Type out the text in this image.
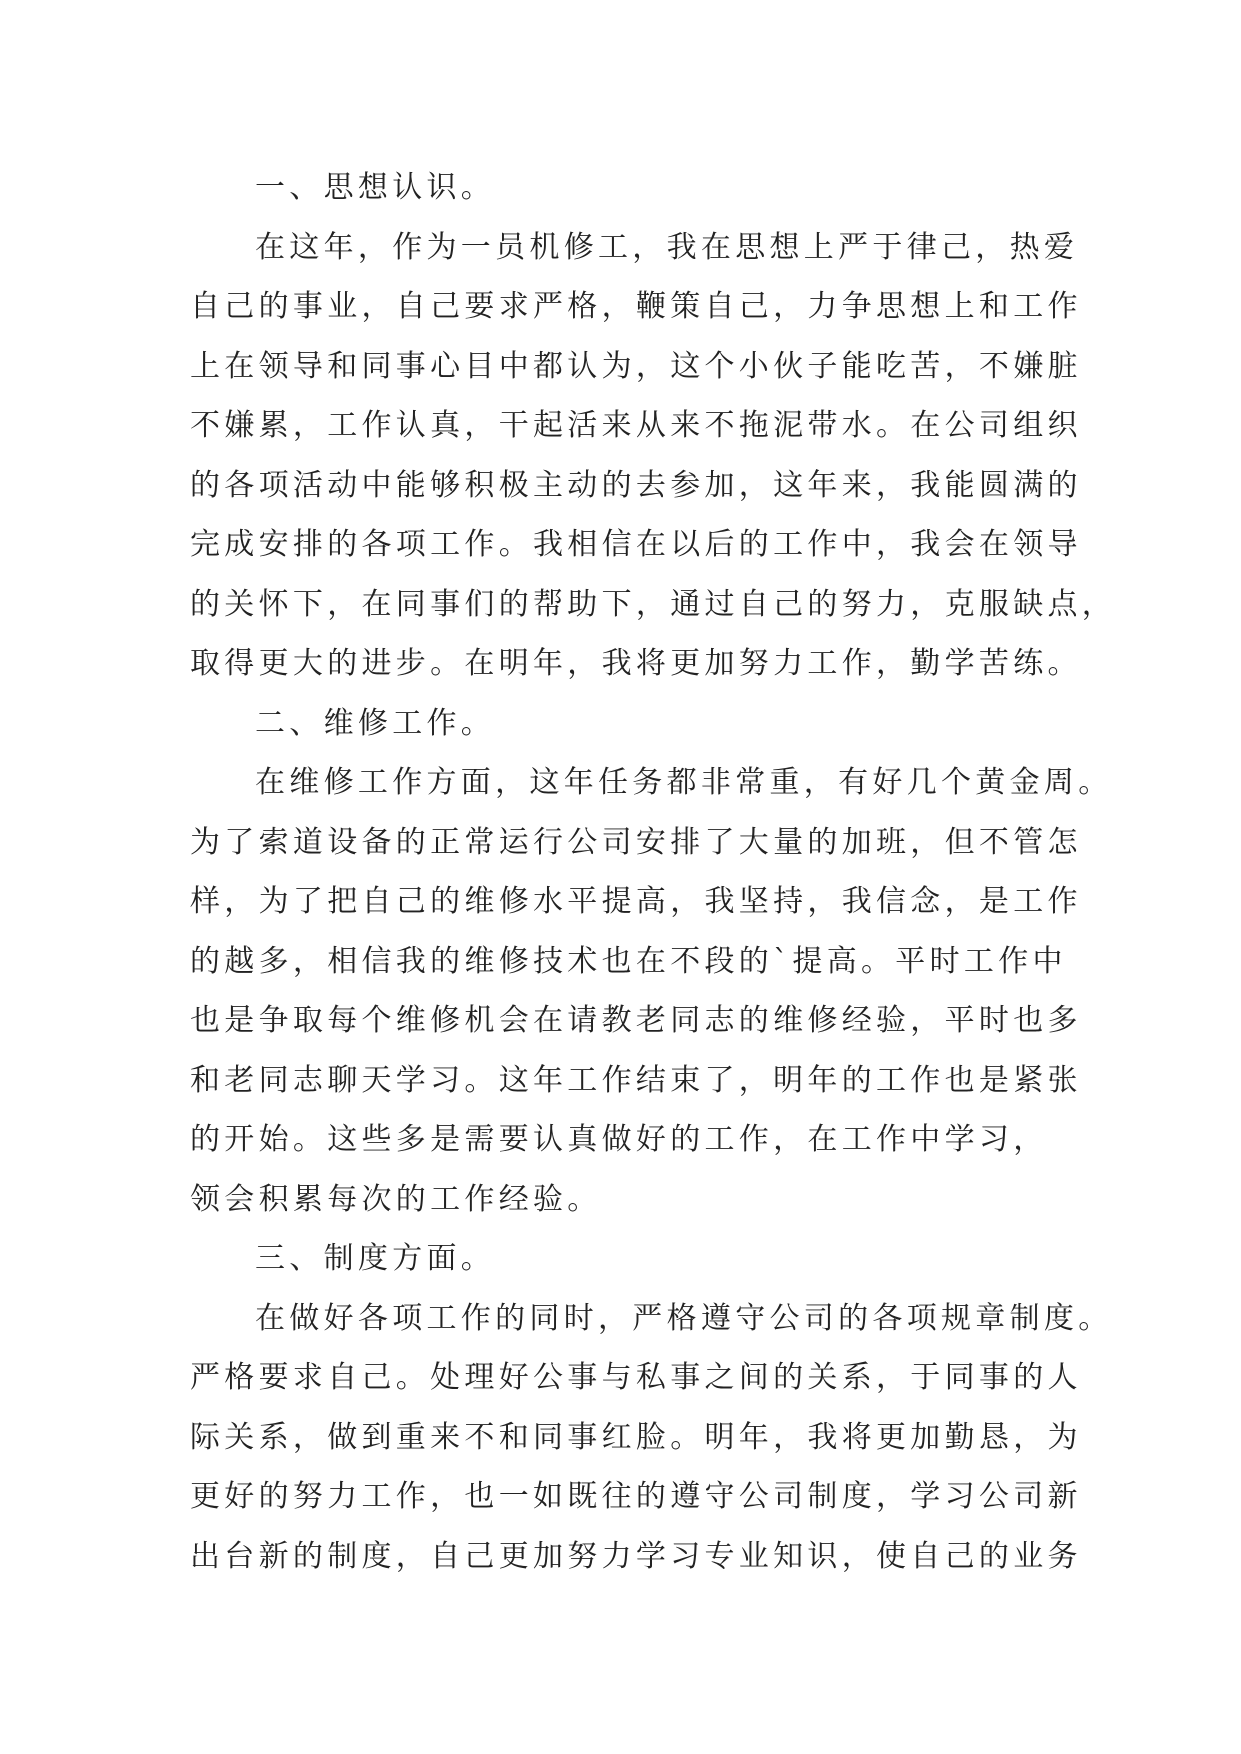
一、思想认识。
在这年，作为一员机修工，我在思想上严于律己，热爱
自己的事业，自己要求严格，鞭策自己，力争思想上和工作
上在领导和同事心目中都认为，这个小伙子能吃苦，不嫌脏
不嫌累，工作认真，干起活来从来不拖泥带水。在公司组织
的各项活动中能够积极主动的去参加，这年来，我能圆满的
完成安排的各项工作。我相信在以后的工作中，我会在领导
的关怀下，在同事们的帮助下，通过自己的努力，克服缺点，
取得更大的进步。在明年，我将更加努力工作，勤学苦练。
二、维修工作。
在维修工作方面，这年任务都非常重，有好几个黄金周。
为了索道设备的正常运行公司安排了大量的加班，但不管怎
样，为了把自己的维修水平提高，我坚持，我信念，是工作
的越多，相信我的维修技术也在不段的`提高。平时工作中
也是争取每个维修机会在请教老同志的维修经验，平时也多
和老同志聊天学习。这年工作结束了，明年的工作也是紧张
的开始。这些多是需要认真做好的工作，在工作中学习，
领会积累每次的工作经验。
三、制度方面。
在做好各项工作的同时，严格遵守公司的各项规章制度。
严格要求自己。处理好公事与私事之间的关系，于同事的人
际关系，做到重来不和同事红脸。明年，我将更加勤恳，为
更好的努力工作，也一如既往的遵守公司制度，学习公司新
出台新的制度，自己更加努力学习专业知识，使自己的业务
